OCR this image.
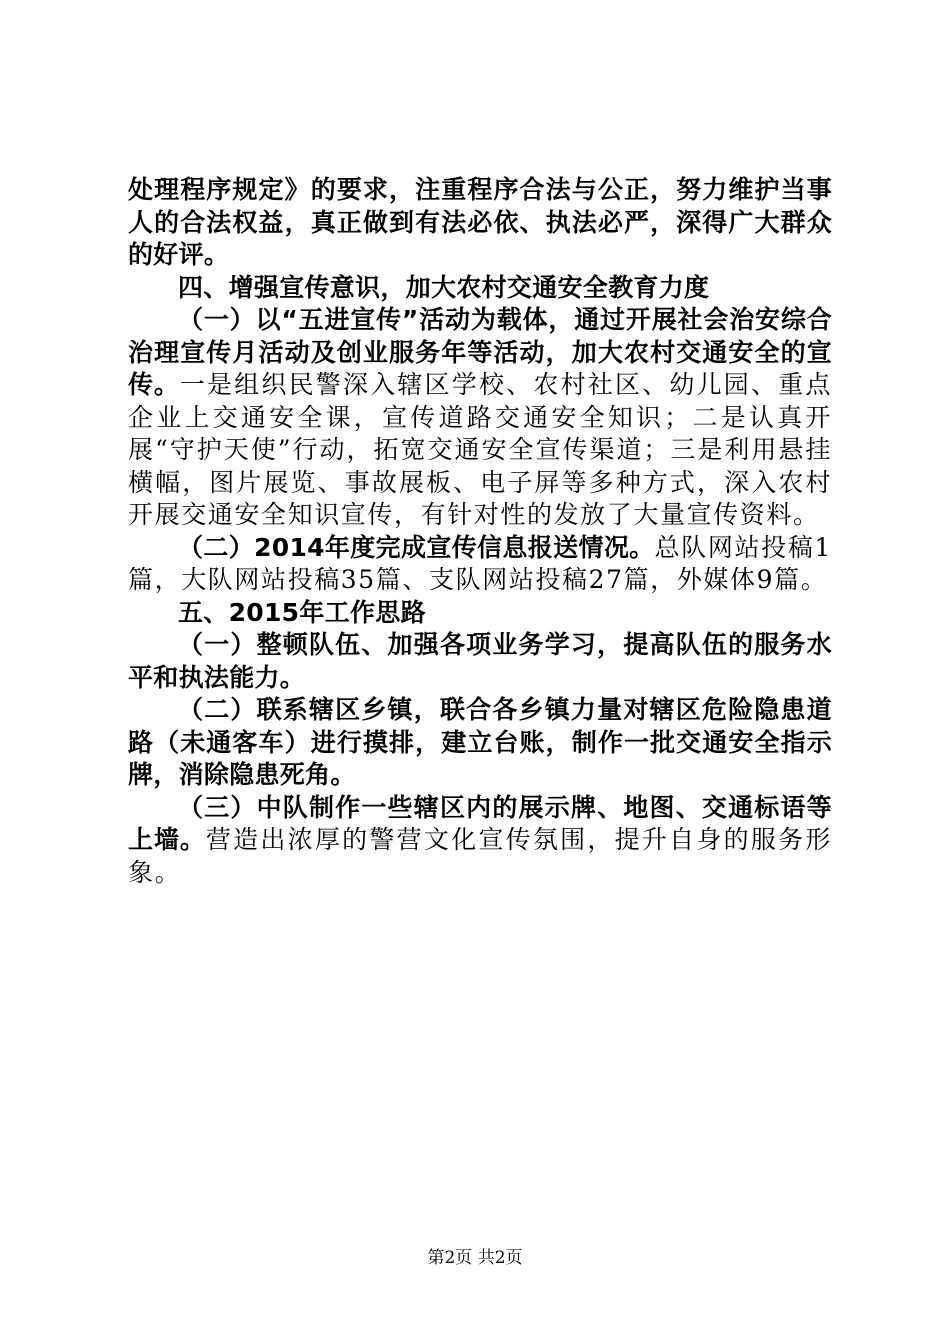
处理程序规定》的要求，注重程序合法与公正，努力维护当事人的合法权益，真正做到有法必依、执法必严，深得广大群众的好评。

四、增强宣传意识，加大农村交通安全教育力度

（一）以“五进宣传”活动为载体，通过开展社会治安综合治理宣传月活动及创业服务年等活动，加大农村交通安全的宣传。一是组织民警深入辖区学校、农村社区、幼儿园、重点企业上交通安全课，宣传道路交通安全知识；二是认真开展“守护天使”行动，拓宽交通安全宣传渠道；三是利用悬挂横幅，图片展览、事故展板、电子屏等多种方式，深入农村开展交通安全知识宣传，有针对性的发放了大量宣传资料。

（二）2014年度完成宣传信息报送情况。总队网站投稿1篇，大队网站投稿35篇、支队网站投稿27篇，外媒体9篇。

五、2015年工作思路

（一）整顿队伍、加强各项业务学习，提高队伍的服务水平和执法能力。

（二）联系辖区乡镇，联合各乡镇力量对辖区危险隐患道路（未通客车）进行摸排，建立台账，制作一批交通安全指示牌，消除隐患死角。

（三）中队制作一些辖区内的展示牌、地图、交通标语等上墙。营造出浓厚的警营文化宣传氛围，提升自身的服务形象。

第2页 共2页
